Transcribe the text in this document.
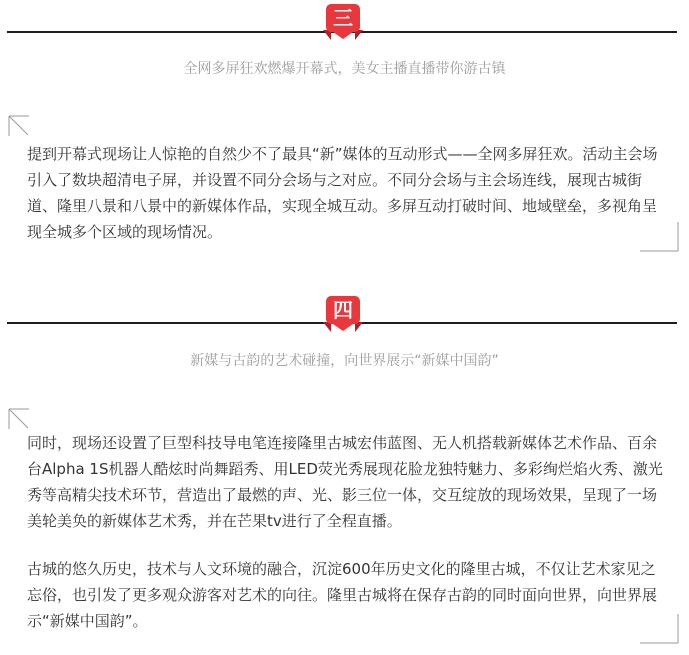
三
全网多屏狂欢燃爆开幕式，美女主播直播带你游古镇

提到开幕式现场让人惊艳的自然少不了最具“新”媒体的互动形式——全网多屏狂欢。活动主会场引入了数块超清电子屏，并设置不同分会场与之对应。不同分会场与主会场连线，展现古城街道、隆里八景和八景中的新媒体作品，实现全城互动。多屏互动打破时间、地域壁垒，多视角呈现全城多个区域的现场情况。

四
新媒与古韵的艺术碰撞，向世界展示“新媒中国韵”

同时，现场还设置了巨型科技导电笔连接隆里古城宏伟蓝图、无人机搭载新媒体艺术作品、百余台Alpha 1S机器人酷炫时尚舞蹈秀、用LED荧光秀展现花脸龙独特魅力、多彩绚烂焰火秀、激光秀等高精尖技术环节，营造出了最燃的声、光、影三位一体，交互绽放的现场效果，呈现了一场美轮美奂的新媒体艺术秀，并在芒果tv进行了全程直播。

古城的悠久历史，技术与人文环境的融合，沉淀600年历史文化的隆里古城，不仅让艺术家见之忘俗，也引发了更多观众游客对艺术的向往。隆里古城将在保存古韵的同时面向世界，向世界展示“新媒中国韵”。
